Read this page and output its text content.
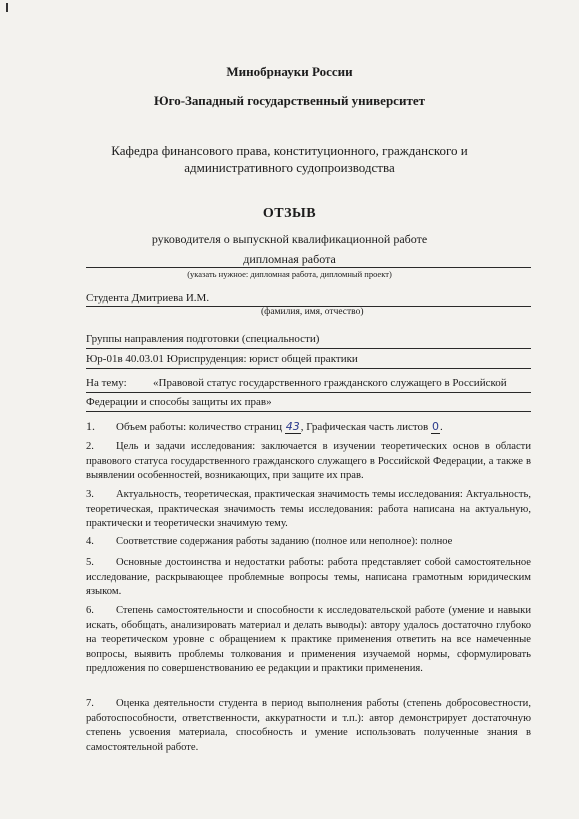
Минобрнауки России
Юго-Западный государственный университет
Кафедра финансового права, конституционного, гражданского и
административного судопроизводства
ОТЗЫВ
руководителя о выпускной квалификационной работе
дипломная работа
(указать нужное: дипломная работа, дипломный проект)
Студента Дмитриева И.М.
(фамилия, имя, отчество)
Группы направления подготовки (специальности)
Юр-01в 40.03.01 Юриспруденция: юрист общей практики
На тему: «Правовой статус государственного гражданского служащего в Российской
Федерации и способы защиты их прав»
1. Объем работы: количество страниц 43, Графическая часть листов 0.
2. Цель и задачи исследования: заключается в изучении теоретических основ в области правового статуса государственного гражданского служащего в Российской Федерации, а также в выявлении особенностей, возникающих, при защите их прав.
3. Актуальность, теоретическая, практическая значимость темы исследования: Актуальность, теоретическая, практическая значимость темы исследования: работа написана на актуальную, практически и теоретически значимую тему.
4. Соответствие содержания работы заданию (полное или неполное): полное
5. Основные достоинства и недостатки работы: работа представляет собой самостоятельное исследование, раскрывающее проблемные вопросы темы, написана грамотным юридическим языком.
6. Степень самостоятельности и способности к исследовательской работе (умение и навыки искать, обобщать, анализировать материал и делать выводы): автору удалось достаточно глубоко на теоретическом уровне с обращением к практике применения ответить на все намеченные вопросы, выявить проблемы толкования и применения изучаемой нормы, сформулировать предложения по совершенствованию ее редакции и практики применения.
7. Оценка деятельности студента в период выполнения работы (степень добросовестности, работоспособности, ответственности, аккуратности и т.п.): автор демонстрирует достаточную степень усвоения материала, способность и умение использовать полученные знания в самостоятельной работе.
